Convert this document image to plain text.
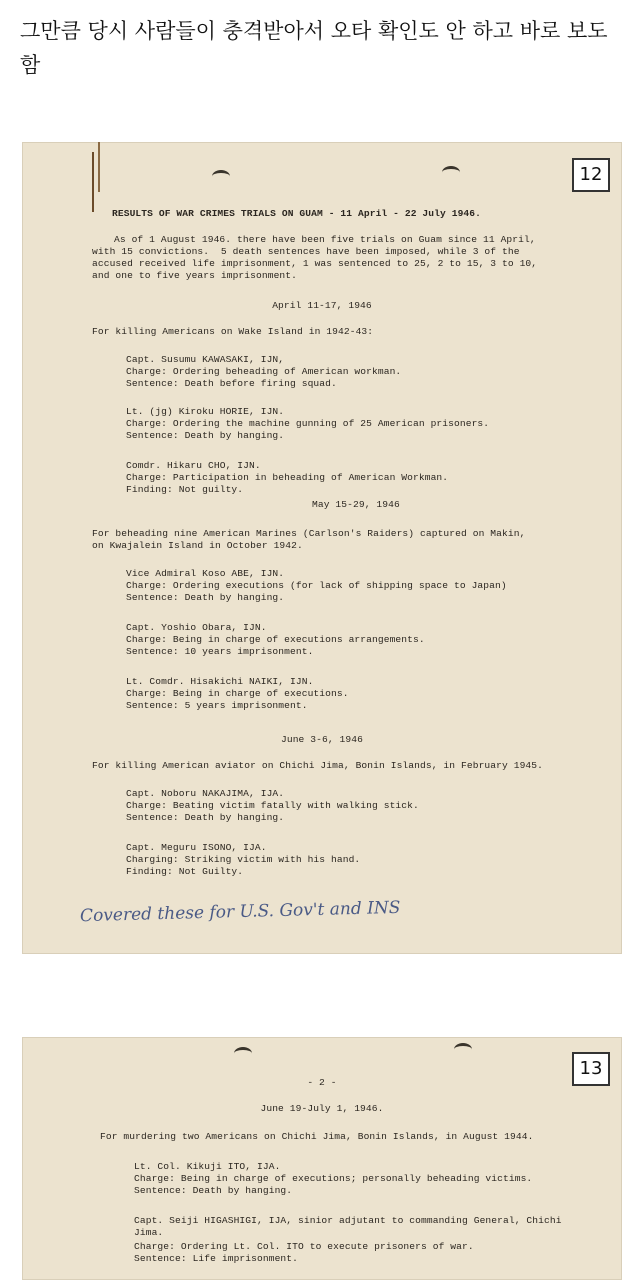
그만큼 당시 사람들이 충격받아서 오타 확인도 안 하고 바로 보도함
12
RESULTS OF WAR CRIMES TRIALS ON GUAM - 11 April - 22 July 1946.
As of 1 August 1946. there have been five trials on Guam since 11 April,
with 15 convictions.  5 death sentences have been imposed, while 3 of the
accused received life imprisonment, 1 was sentenced to 25, 2 to 15, 3 to 10,
and one to five years imprisonment.
April 11-17, 1946
For killing Americans on Wake Island in 1942-43:
Capt. Susumu KAWASAKI, IJN,
Charge: Ordering beheading of American workman.
Sentence: Death before firing squad.
Lt. (jg) Kiroku HORIE, IJN.
Charge: Ordering the machine gunning of 25 American prisoners.
Sentence: Death by hanging.
Comdr. Hikaru CHO, IJN.
Charge: Participation in beheading of American Workman.
Finding: Not guilty.
May 15-29, 1946
For beheading nine American Marines (Carlson's Raiders) captured on Makin,
on Kwajalein Island in October 1942.
Vice Admiral Koso ABE, IJN.
Charge: Ordering executions (for lack of shipping space to Japan)
Sentence: Death by hanging.
Capt. Yoshio Obara, IJN.
Charge: Being in charge of executions arrangements.
Sentence: 10 years imprisonment.
Lt. Comdr. Hisakichi NAIKI, IJN.
Charge: Being in charge of executions.
Sentence: 5 years imprisonment.
June 3-6, 1946
For killing American aviator on Chichi Jima, Bonin Islands, in February 1945.
Capt. Noboru NAKAJIMA, IJA.
Charge: Beating victim fatally with walking stick.
Sentence: Death by hanging.
Capt. Meguru ISONO, IJA.
Charging: Striking victim with his hand.
Finding: Not Guilty.
Covered these for U.S. Gov't and INS
13
- 2 -
June 19-July 1, 1946.
For murdering two Americans on Chichi Jima, Bonin Islands, in August 1944.
Lt. Col. Kikuji ITO, IJA.
Charge: Being in charge of executions; personally beheading victims.
Sentence: Death by hanging.
Capt. Seiji HIGASHIGI, IJA, sinior adjutant to commanding General, Chichi
Jima.
Charge: Ordering Lt. Col. ITO to execute prisoners of war.
Sentence: Life imprisonment.
